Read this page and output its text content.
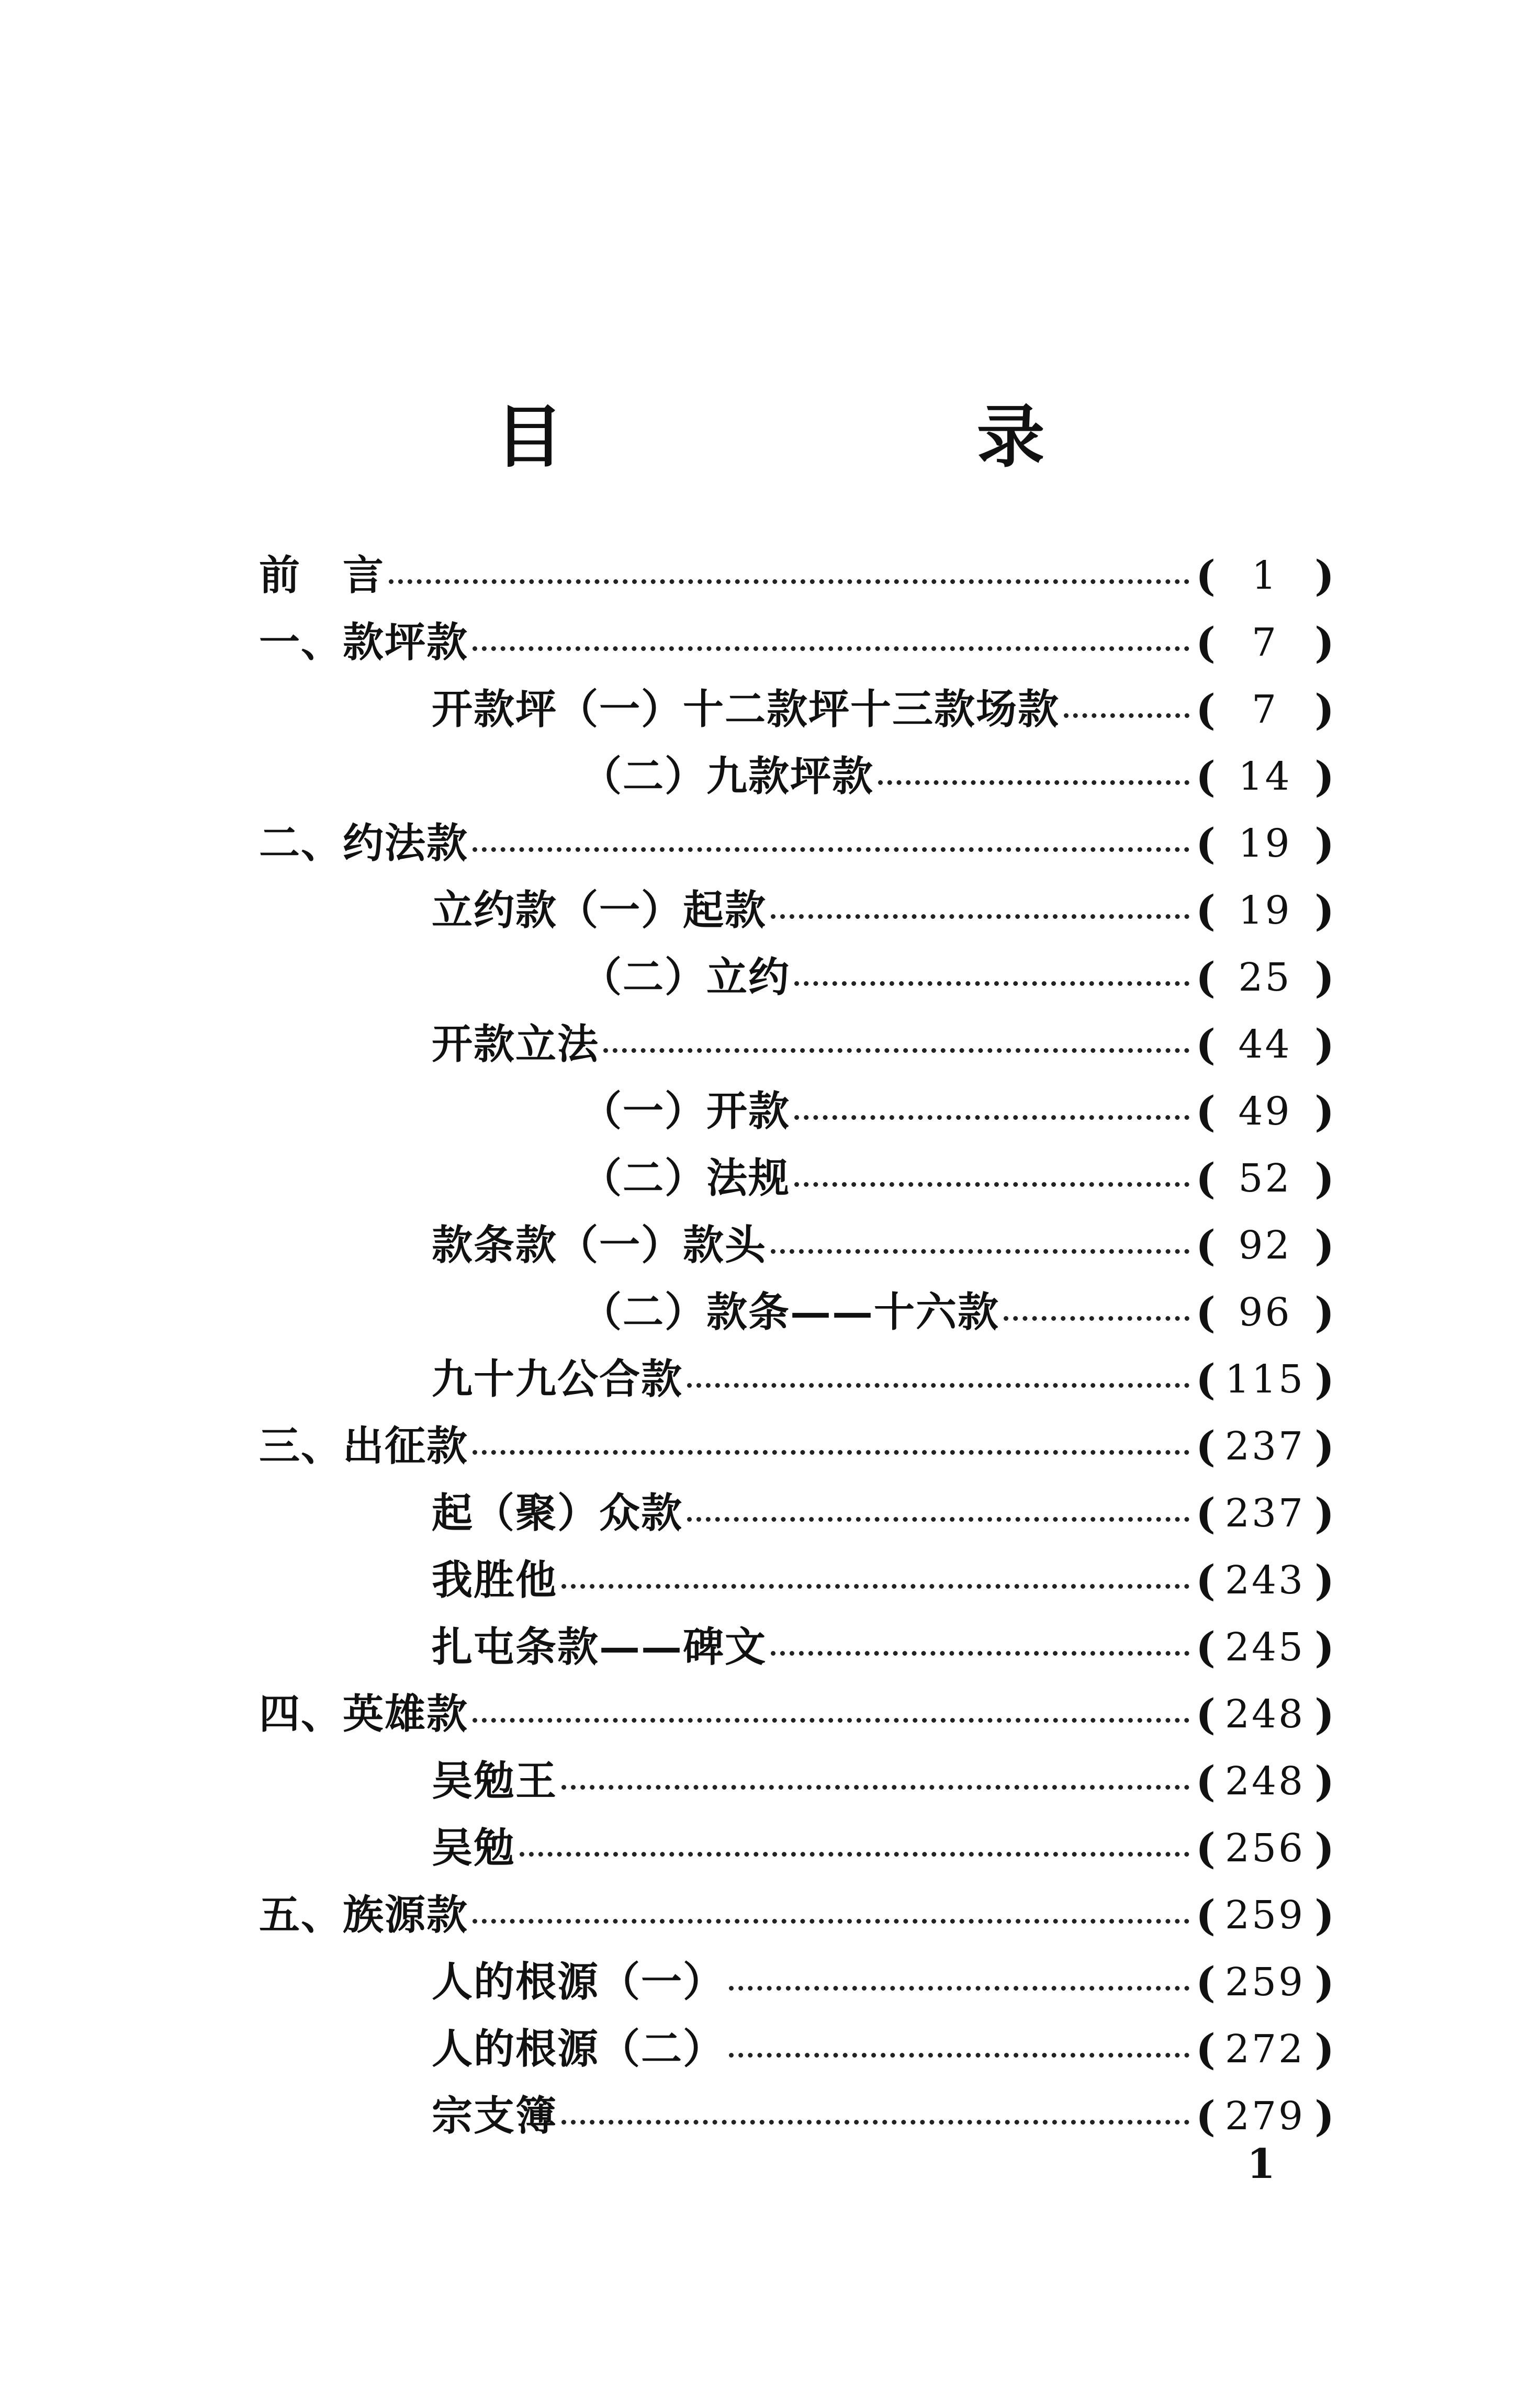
目　录
前　言	( 1 )
一、款坪款	( 7 )
开款坪（一）十二款坪十三款场款	( 7 )
（二）九款坪款	( 14 )
二、约法款	( 19 )
立约款（一）起款	( 19 )
（二）立约	( 25 )
开款立法	( 44 )
（一）开款	( 49 )
（二）法规	( 52 )
款条款（一）款头	( 92 )
（二）款条——十六款	( 96 )
九十九公合款	( 115 )
三、出征款	( 237 )
起（聚）众款	( 237 )
我胜他	( 243 )
扎屯条款——碑文	( 245 )
四、英雄款	( 248 )
吴勉王	( 248 )
吴勉	( 256 )
五、族源款	( 259 )
人的根源（一）	( 259 )
人的根源（二）	( 272 )
宗支簿	( 279 )
1
